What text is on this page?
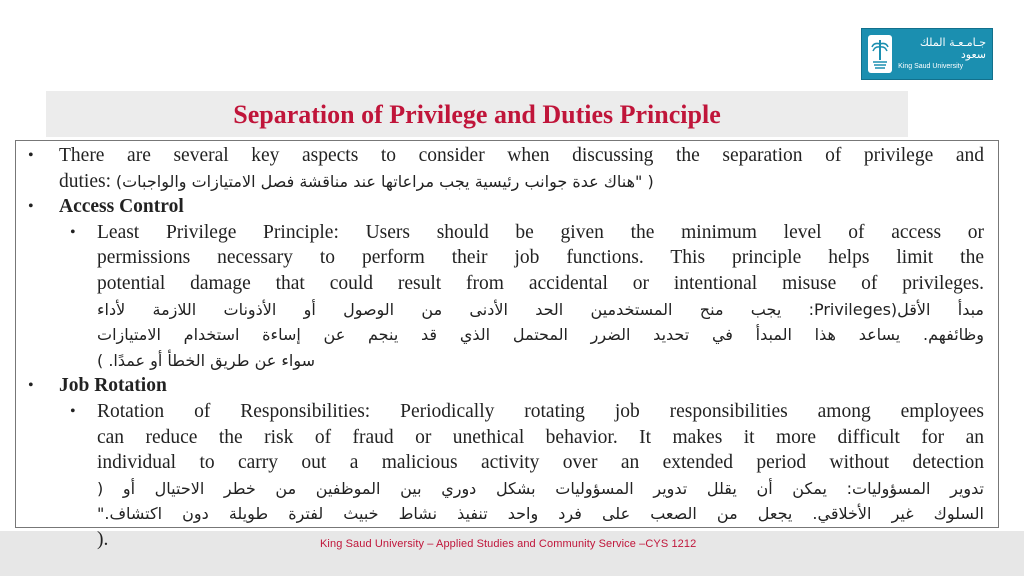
جـامـعـة الملك سعود
King Saud University
Separation of Privilege and Duties Principle
• There are several key aspects to consider when discussing the separation of privilege and
duties: ( "هناك عدة جوانب رئيسية يجب مراعاتها عند مناقشة فصل الامتيازات والواجبات)
• Access Control
• Least Privilege Principle: Users should be given the minimum level of access or
permissions necessary to perform their job functions. This principle helps limit the
potential damage that could result from accidental or intentional misuse of privileges.
مبدأ الأقل(Privileges: يجب منح المستخدمين الحد الأدنى من الوصول أو الأذونات اللازمة لأداء
وظائفهم. يساعد هذا المبدأ في تحديد الضرر المحتمل الذي قد ينجم عن إساءة استخدام الامتيازات
سواء عن طريق الخطأ أو عمدًا. )
• Job Rotation
• Rotation of Responsibilities: Periodically rotating job responsibilities among employees
can reduce the risk of fraud or unethical behavior. It makes it more difficult for an
individual to carry out a malicious activity over an extended period without detection
تدوير المسؤوليات: يمكن أن يقلل تدوير المسؤوليات بشكل دوري بين الموظفين من خطر الاحتيال أو (
السلوك غير الأخلاقي. يجعل من الصعب على فرد واحد تنفيذ نشاط خبيث لفترة طويلة دون اكتشاف."
).	King Saud University – Applied Studies and Community Service –CYS 1212
